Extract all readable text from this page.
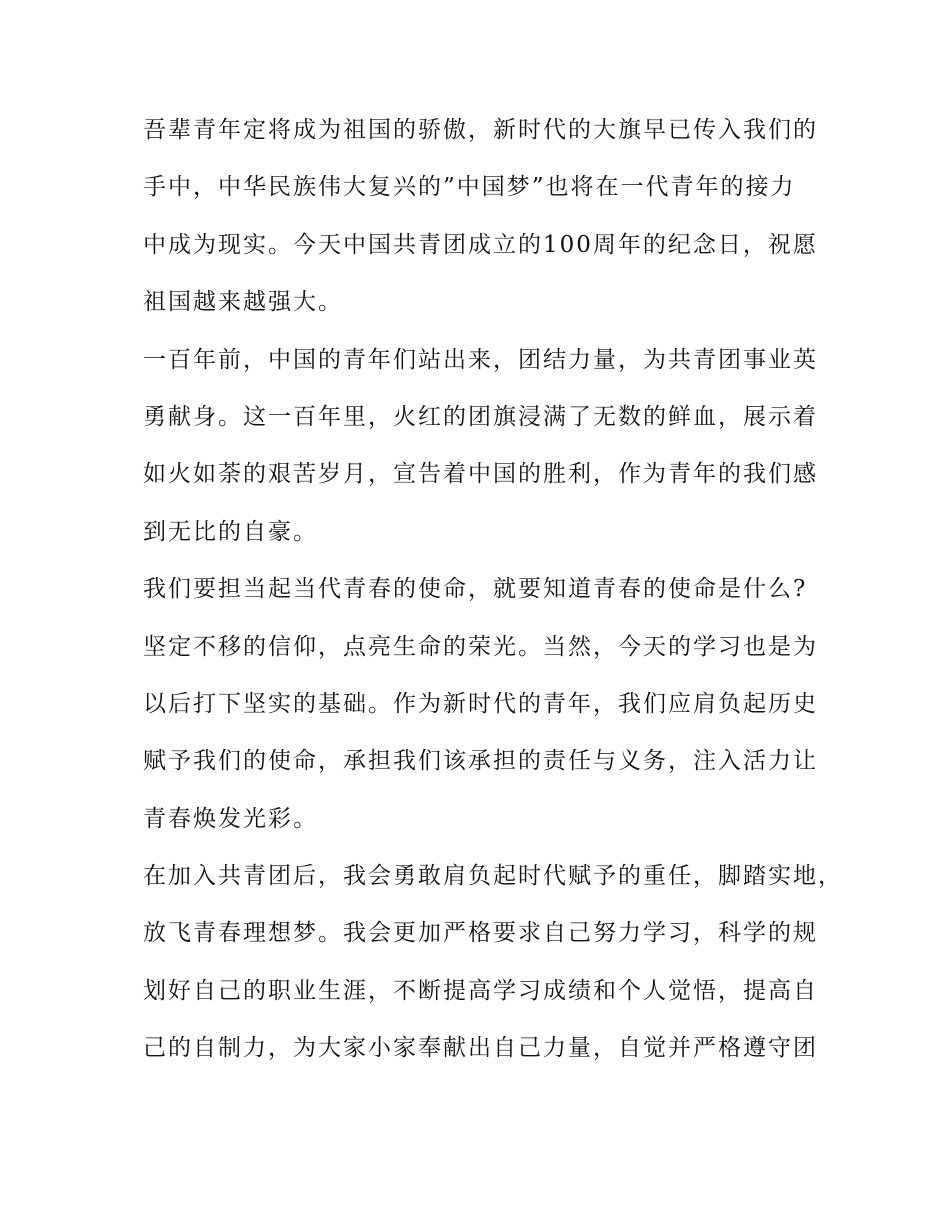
吾辈青年定将成为祖国的骄傲，新时代的大旗早已传入我们的
手中，中华民族伟大复兴的”中国梦”也将在一代青年的接力
中成为现实。今天中国共青团成立的100周年的纪念日，祝愿
祖国越来越强大。
一百年前，中国的青年们站出来，团结力量，为共青团事业英
勇献身。这一百年里，火红的团旗浸满了无数的鲜血，展示着
如火如荼的艰苦岁月，宣告着中国的胜利，作为青年的我们感
到无比的自豪。
我们要担当起当代青春的使命，就要知道青春的使命是什么?
坚定不移的信仰，点亮生命的荣光。当然，今天的学习也是为
以后打下坚实的基础。作为新时代的青年，我们应肩负起历史
赋予我们的使命，承担我们该承担的责任与义务，注入活力让
青春焕发光彩。
在加入共青团后，我会勇敢肩负起时代赋予的重任，脚踏实地，
放飞青春理想梦。我会更加严格要求自己努力学习，科学的规
划好自己的职业生涯，不断提高学习成绩和个人觉悟，提高自
己的自制力，为大家小家奉献出自己力量，自觉并严格遵守团
